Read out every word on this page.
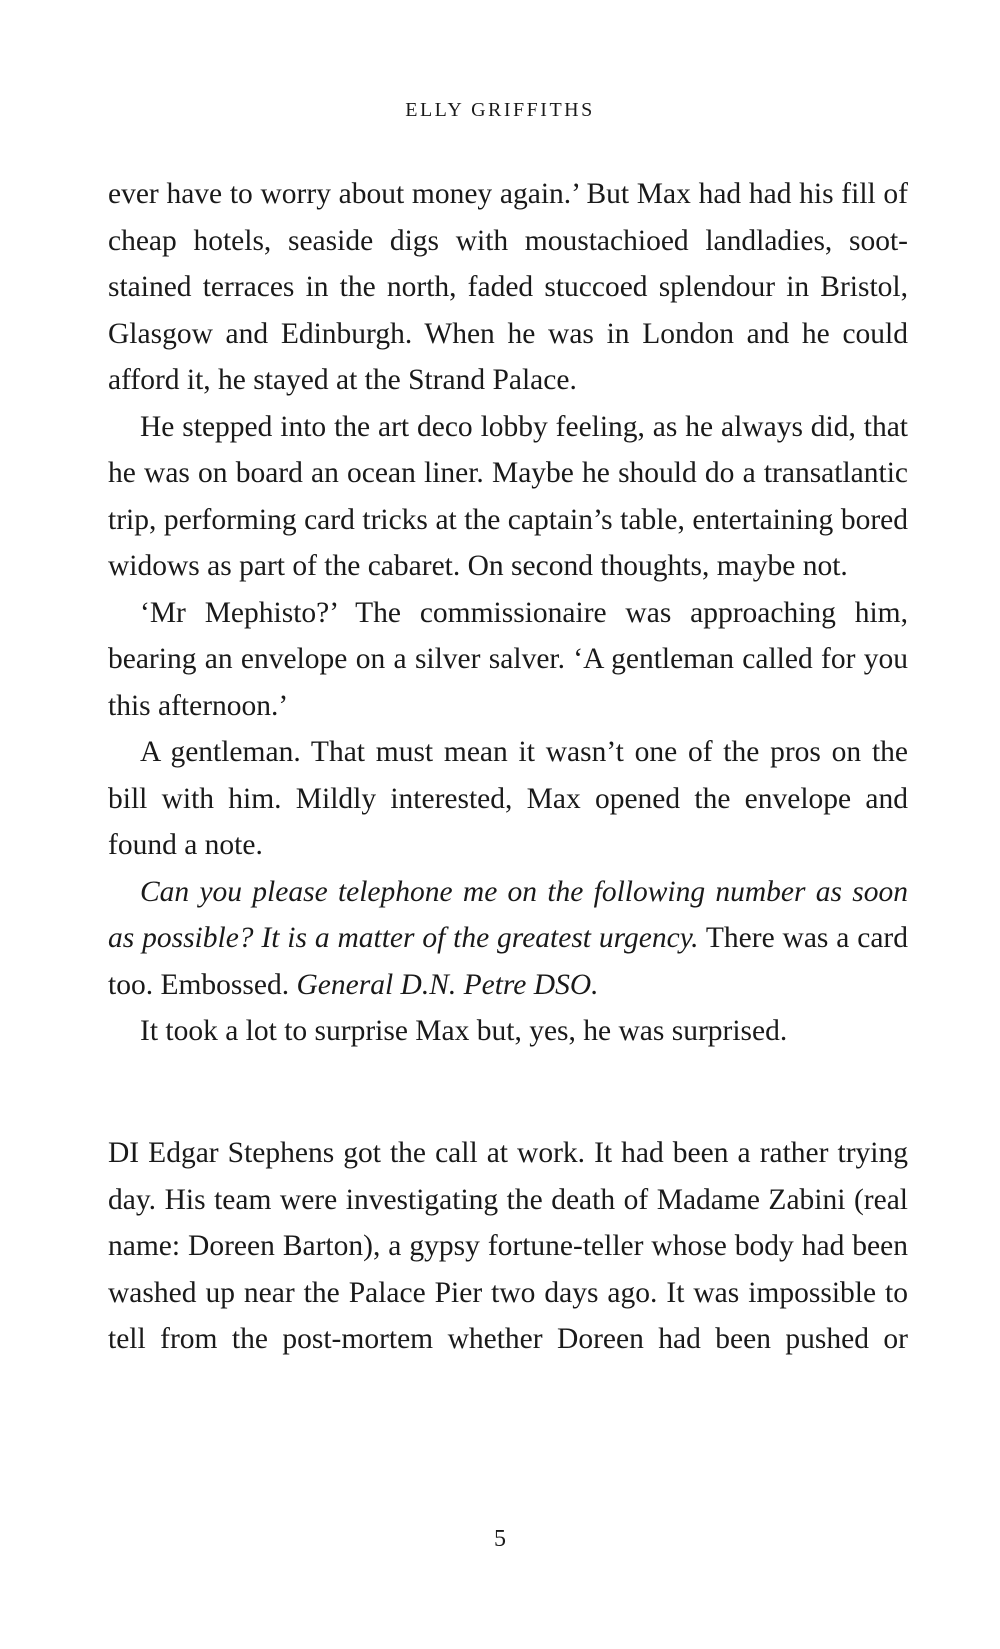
ELLY GRIFFITHS

ever have to worry about money again.’ But Max had had his fill of cheap hotels, seaside digs with moustachioed landladies, soot-stained terraces in the north, faded stuccoed splendour in Bristol, Glasgow and Edinburgh. When he was in London and he could afford it, he stayed at the Strand Palace.

He stepped into the art deco lobby feeling, as he always did, that he was on board an ocean liner. Maybe he should do a transatlantic trip, performing card tricks at the captain’s table, entertaining bored widows as part of the cabaret. On second thoughts, maybe not.

‘Mr Mephisto?’ The commissionaire was approaching him, bearing an envelope on a silver salver. ‘A gentleman called for you this afternoon.’

A gentleman. That must mean it wasn’t one of the pros on the bill with him. Mildly interested, Max opened the envelope and found a note.

Can you please telephone me on the following number as soon as possible? It is a matter of the greatest urgency. There was a card too. Embossed. General D.N. Petre DSO.

It took a lot to surprise Max but, yes, he was surprised.

DI Edgar Stephens got the call at work. It had been a rather trying day. His team were investigating the death of Madame Zabini (real name: Doreen Barton), a gypsy fortune-teller whose body had been washed up near the Palace Pier two days ago. It was impossible to tell from the post-mortem whether Doreen had been pushed or

5
